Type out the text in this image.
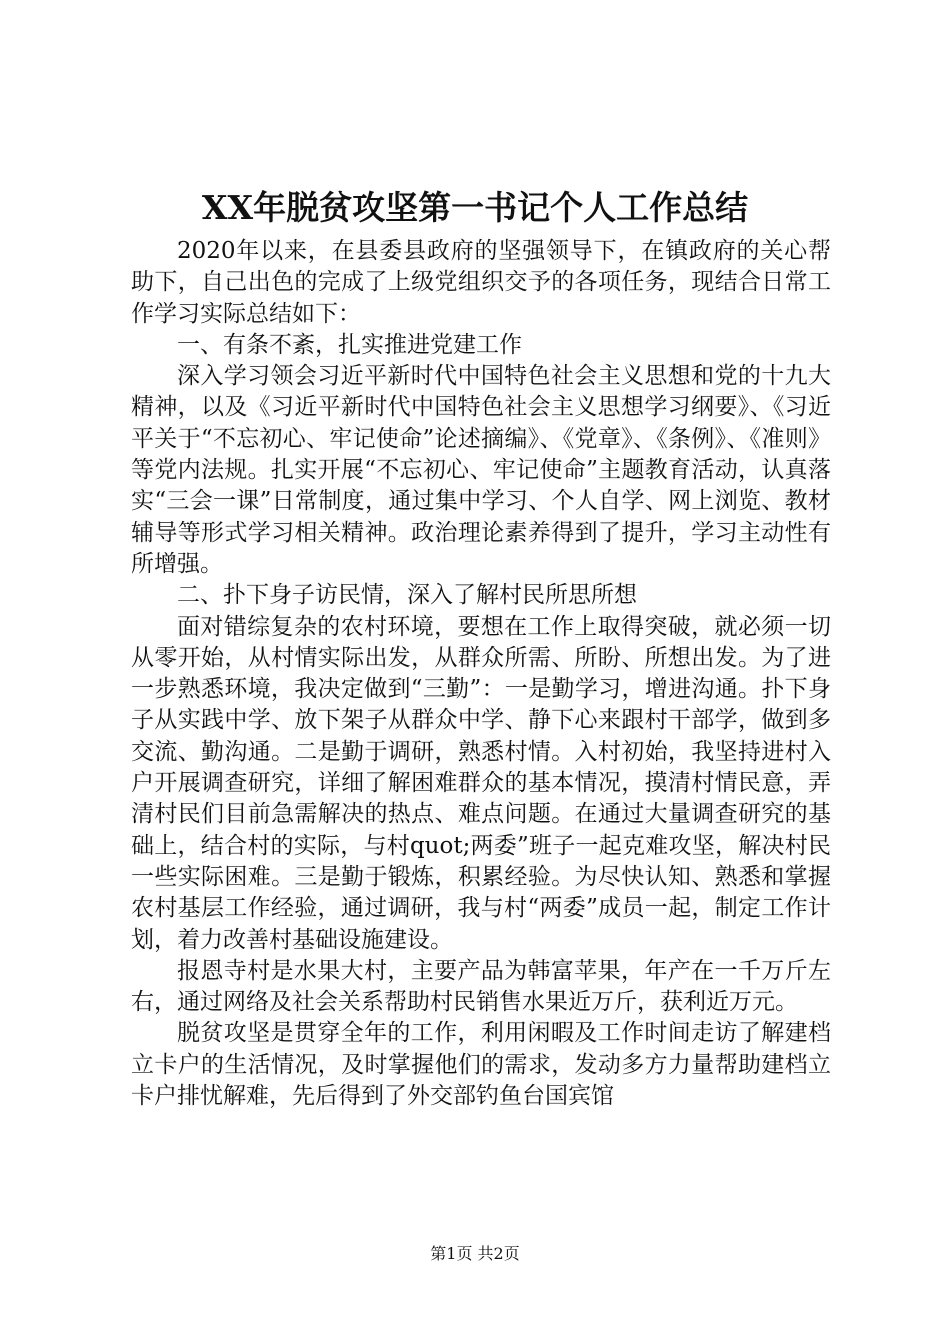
XX年脱贫攻坚第一书记个人工作总结

2020年以来，在县委县政府的坚强领导下，在镇政府的关心帮助下，自己出色的完成了上级党组织交予的各项任务，现结合日常工作学习实际总结如下：

一、有条不紊，扎实推进党建工作

深入学习领会习近平新时代中国特色社会主义思想和党的十九大精神，以及《习近平新时代中国特色社会主义思想学习纲要》、《习近平关于“不忘初心、牢记使命”论述摘编》、《党章》、《条例》、《准则》等党内法规。扎实开展“不忘初心、牢记使命”主题教育活动，认真落实“三会一课”日常制度，通过集中学习、个人自学、网上浏览、教材辅导等形式学习相关精神。政治理论素养得到了提升，学习主动性有所增强。

二、扑下身子访民情，深入了解村民所思所想

面对错综复杂的农村环境，要想在工作上取得突破，就必须一切从零开始，从村情实际出发，从群众所需、所盼、所想出发。为了进一步熟悉环境，我决定做到“三勤”：一是勤学习，增进沟通。扑下身子从实践中学、放下架子从群众中学、静下心来跟村干部学，做到多交流、勤沟通。二是勤于调研，熟悉村情。入村初始，我坚持进村入户开展调查研究，详细了解困难群众的基本情况，摸清村情民意，弄清村民们目前急需解决的热点、难点问题。在通过大量调查研究的基础上，结合村的实际，与村quot;两委”班子一起克难攻坚，解决村民一些实际困难。三是勤于锻炼，积累经验。为尽快认知、熟悉和掌握农村基层工作经验，通过调研，我与村“两委”成员一起，制定工作计划，着力改善村基础设施建设。

报恩寺村是水果大村，主要产品为韩富苹果，年产在一千万斤左右，通过网络及社会关系帮助村民销售水果近万斤，获利近万元。

脱贫攻坚是贯穿全年的工作，利用闲暇及工作时间走访了解建档立卡户的生活情况，及时掌握他们的需求，发动多方力量帮助建档立卡户排忧解难，先后得到了外交部钓鱼台国宾馆

第1页 共2页
